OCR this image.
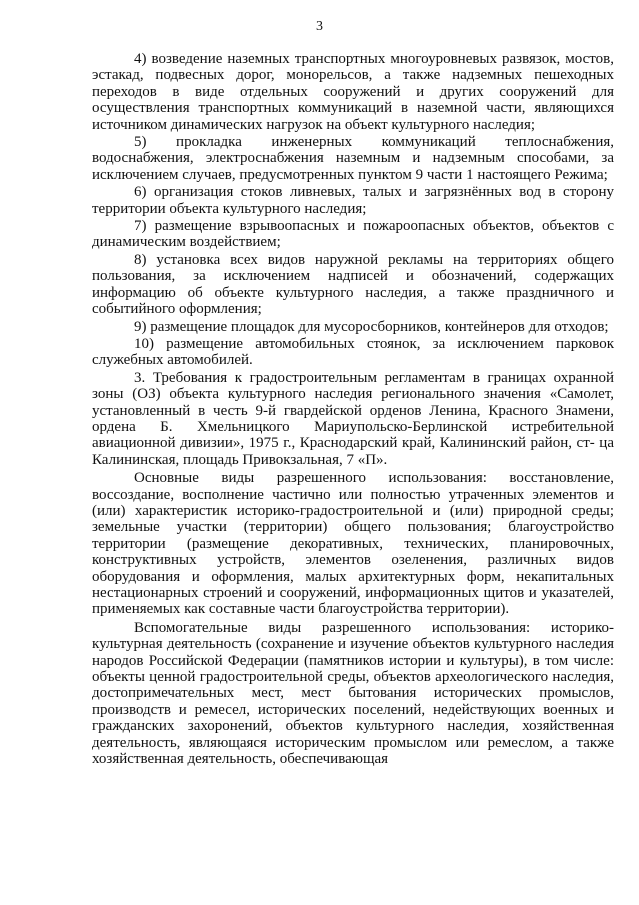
3

4) возведение наземных транспортных многоуровневых развязок, мостов, эстакад, подвесных дорог, монорельсов, а также надземных пешеходных переходов в виде отдельных сооружений и других сооружений для осуществления транспортных коммуникаций в наземной части, являющихся источником динамических нагрузок на объект культурного наследия;

5) прокладка инженерных коммуникаций теплоснабжения, водоснабжения, электроснабжения наземным и надземным способами, за исключением случаев, предусмотренных пунктом 9 части 1 настоящего Режима;

6) организация стоков ливневых, талых и загрязнённых вод в сторону территории объекта культурного наследия;

7) размещение взрывоопасных и пожароопасных объектов, объектов с динамическим воздействием;

8) установка всех видов наружной рекламы на территориях общего пользования, за исключением надписей и обозначений, содержащих информацию об объекте культурного наследия, а также праздничного и событийного оформления;

9) размещение площадок для мусоросборников, контейнеров для отходов;

10) размещение автомобильных стоянок, за исключением парковок служебных автомобилей.

3. Требования к градостроительным регламентам в границах охранной зоны (ОЗ) объекта культурного наследия регионального значения «Самолет, установленный в честь 9-й гвардейской орденов Ленина, Красного Знамени, ордена Б. Хмельницкого Мариупольско-Берлинской истребительной авиационной дивизии», 1975 г., Краснодарский край, Калининский район, ст- ца Калининская, площадь Привокзальная, 7 «П».

Основные виды разрешенного использования: восстановление, воссоздание, восполнение частично или полностью утраченных элементов и (или) характеристик историко-градостроительной и (или) природной среды; земельные участки (территории) общего пользования; благоустройство территории (размещение декоративных, технических, планировочных, конструктивных устройств, элементов озеленения, различных видов оборудования и оформления, малых архитектурных форм, некапитальных нестационарных строений и сооружений, информационных щитов и указателей, применяемых как составные части благоустройства территории).

Вспомогательные виды разрешенного использования: историко-культурная деятельность (сохранение и изучение объектов культурного наследия народов Российской Федерации (памятников истории и культуры), в том числе: объекты ценной градостроительной среды, объектов археологического наследия, достопримечательных мест, мест бытования исторических промыслов, производств и ремесел, исторических поселений, недействующих военных и гражданских захоронений, объектов культурного наследия, хозяйственная деятельность, являющаяся историческим промыслом или ремеслом, а также хозяйственная деятельность, обеспечивающая
